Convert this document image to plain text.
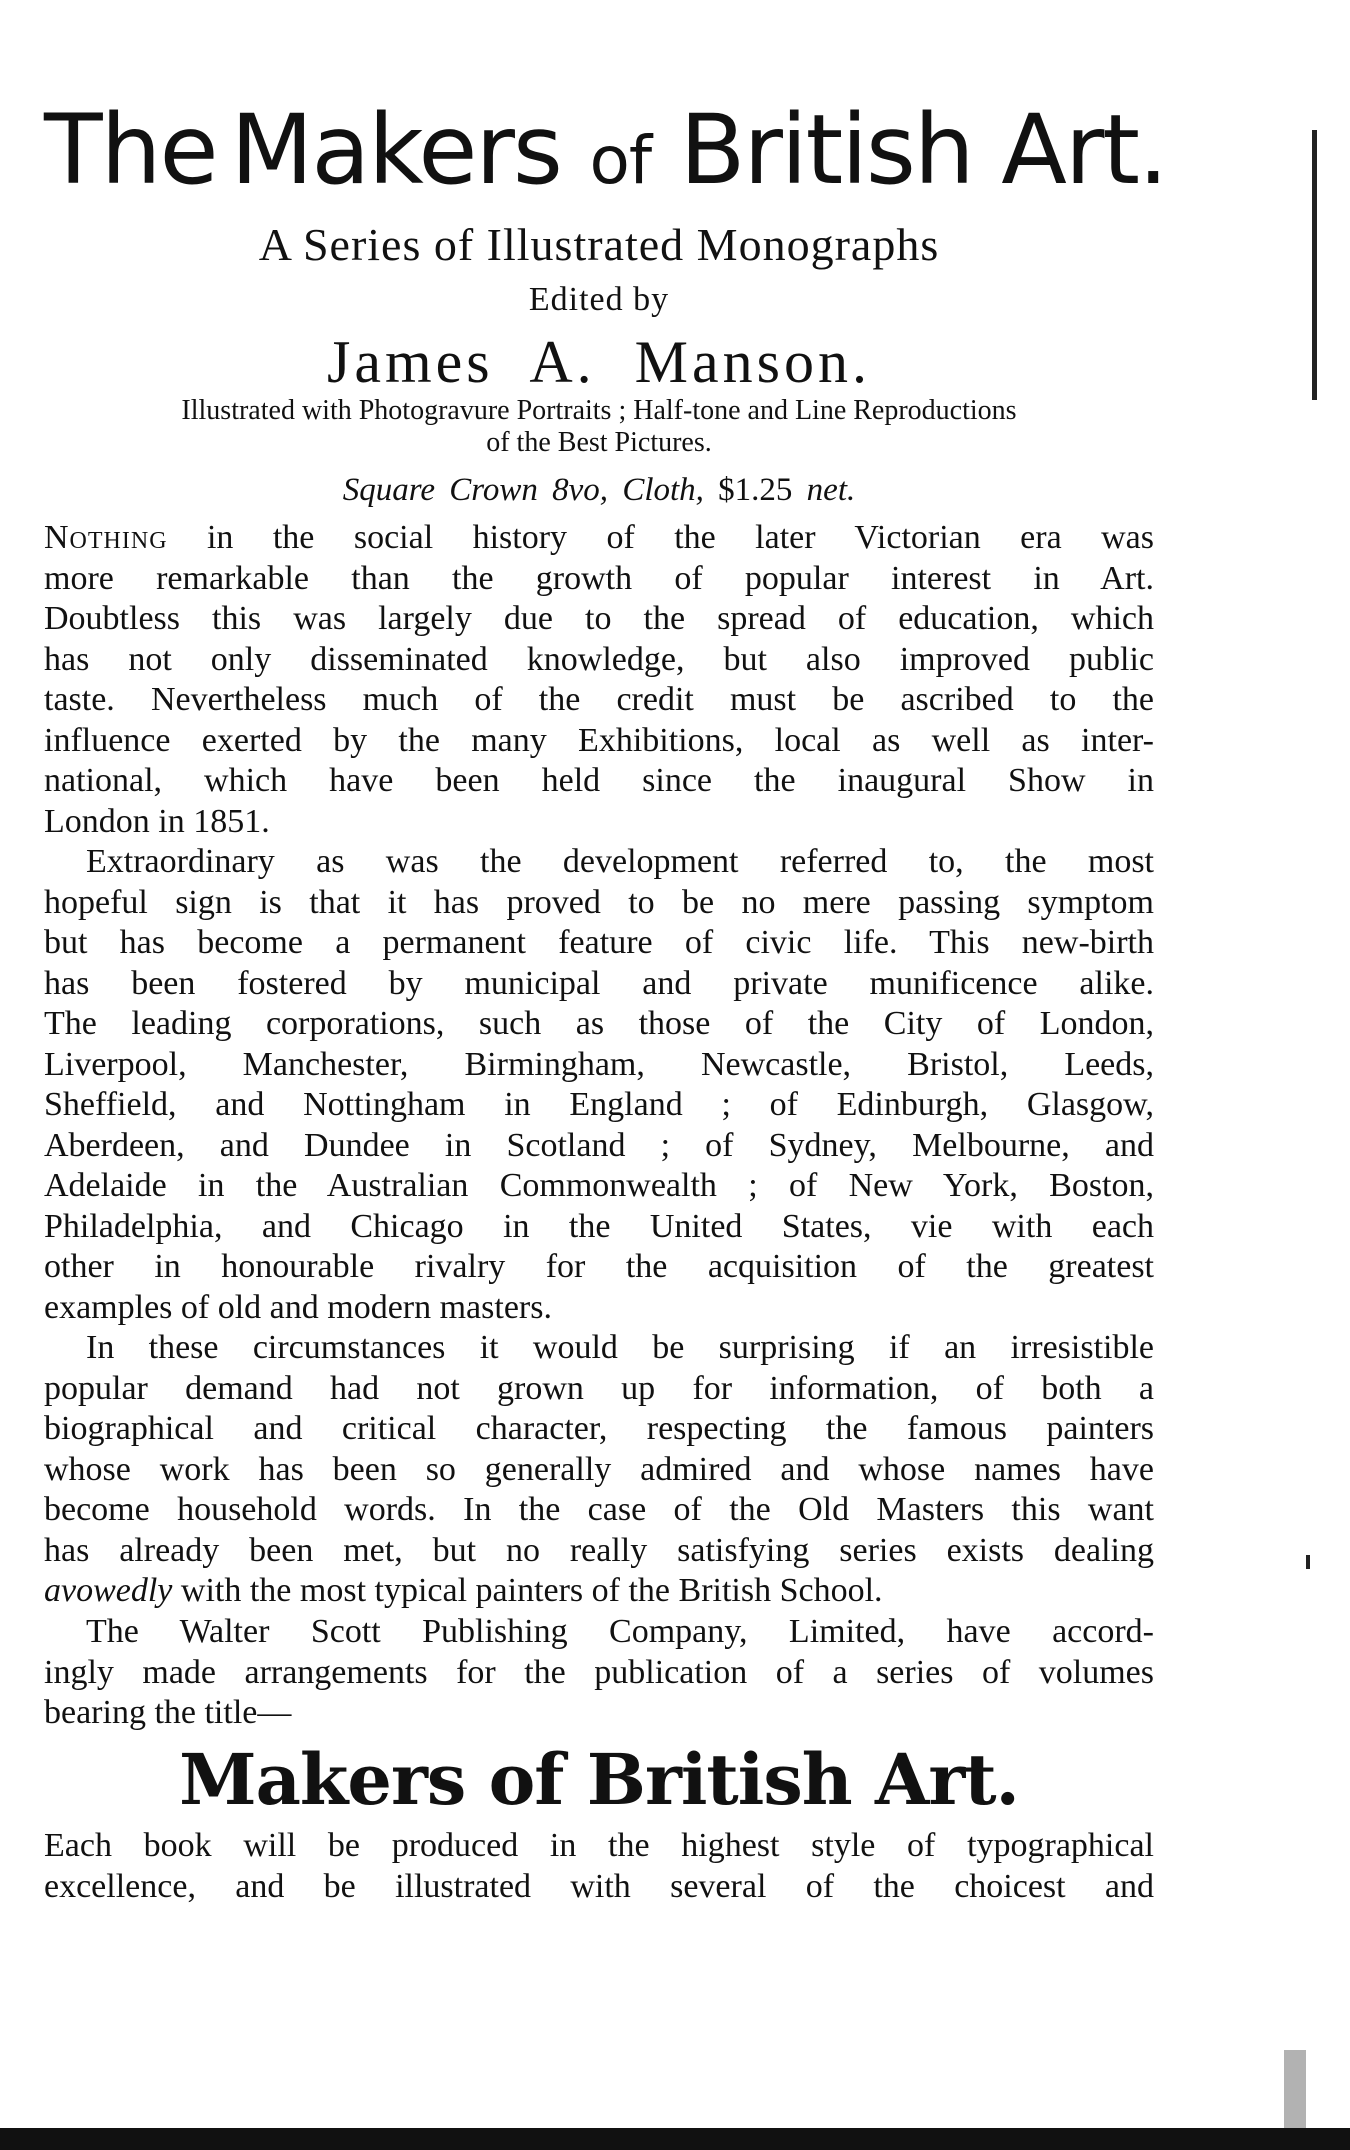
The Makers of British Art.
A Series of Illustrated Monographs
Edited by
James A. Manson.
Illustrated with Photogravure Portraits ; Half-tone and Line Reproductions
of the Best Pictures.
Square Crown 8vo, Cloth, $1.25 net.
Nothing in the social history of the later Victorian era was
more remarkable than the growth of popular interest in Art.
Doubtless this was largely due to the spread of education, which
has not only disseminated knowledge, but also improved public
taste. Nevertheless much of the credit must be ascribed to the
influence exerted by the many Exhibitions, local as well as inter-
national, which have been held since the inaugural Show in
London in 1851.
Extraordinary as was the development referred to, the most
hopeful sign is that it has proved to be no mere passing symptom
but has become a permanent feature of civic life. This new-birth
has been fostered by municipal and private munificence alike.
The leading corporations, such as those of the City of London,
Liverpool, Manchester, Birmingham, Newcastle, Bristol, Leeds,
Sheffield, and Nottingham in England ; of Edinburgh, Glasgow,
Aberdeen, and Dundee in Scotland ; of Sydney, Melbourne, and
Adelaide in the Australian Commonwealth ; of New York, Boston,
Philadelphia, and Chicago in the United States, vie with each
other in honourable rivalry for the acquisition of the greatest
examples of old and modern masters.
In these circumstances it would be surprising if an irresistible
popular demand had not grown up for information, of both a
biographical and critical character, respecting the famous painters
whose work has been so generally admired and whose names have
become household words. In the case of the Old Masters this want
has already been met, but no really satisfying series exists dealing
avowedly with the most typical painters of the British School.
The Walter Scott Publishing Company, Limited, have accord-
ingly made arrangements for the publication of a series of volumes
bearing the title—
Makers of British Art.
Each book will be produced in the highest style of typographical
excellence, and be illustrated with several of the choicest and
